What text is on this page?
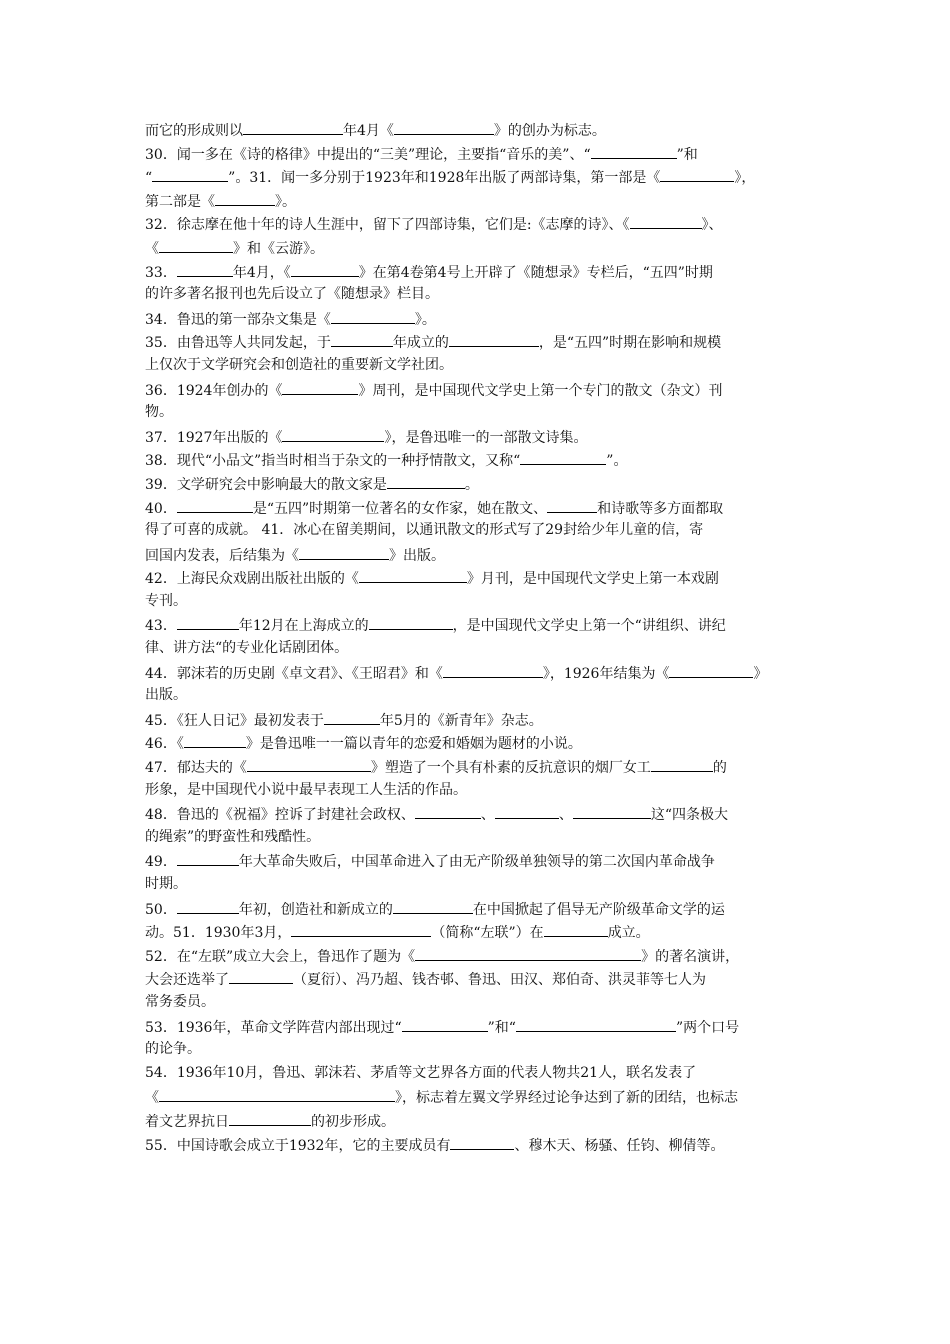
而它的形成则以	年4月《	》的创办为标志。
30．闻一多在《诗的格律》中提出的“三美”理论，主要指“音乐的美”、“	”和
“	”。31．闻一多分别于1923年和1928年出版了两部诗集，第一部是《	》，
第二部是《	》。
32．徐志摩在他十年的诗人生涯中，留下了四部诗集，它们是:《志摩的诗》、《	》、
《	》和《云游》。
33．	年4月，《	》在第4卷第4号上开辟了《随想录》专栏后，“五四”时期
的许多著名报刊也先后设立了《随想录》栏目。
34．鲁迅的第一部杂文集是《	》。
35．由鲁迅等人共同发起，于	年成立的	，是“五四”时期在影响和规模
上仅次于文学研究会和创造社的重要新文学社团。
36．1924年创办的《	》周刊，是中国现代文学史上第一个专门的散文（杂文）刊
物。
37．1927年出版的《	》，是鲁迅唯一的一部散文诗集。
38．现代“小品文”指当时相当于杂文的一种抒情散文，又称“	”。
39．文学研究会中影响最大的散文家是	。
40．	是“五四”时期第一位著名的女作家，她在散文、	和诗歌等多方面都取
得了可喜的成就。 41．冰心在留美期间，以通讯散文的形式写了29封给少年儿童的信，寄
回国内发表，后结集为《	》出版。
42．上海民众戏剧出版社出版的《	》月刊，是中国现代文学史上第一本戏剧
专刊。
43．	年12月在上海成立的	，是中国现代文学史上第一个“讲组织、讲纪
律、讲方法“的专业化话剧团体。
44．郭沫若的历史剧《卓文君》、《王昭君》和《	》，1926年结集为《	》
出版。
45．《狂人日记》最初发表于	年5月的《新青年》杂志。
46．《	》是鲁迅唯一一篇以青年的恋爱和婚姻为题材的小说。
47．郁达夫的《	》塑造了一个具有朴素的反抗意识的烟厂女工	的
形象，是中国现代小说中最早表现工人生活的作品。
48．鲁迅的《祝福》控诉了封建社会政权、	、	、	这“四条极大
的绳索”的野蛮性和残酷性。
49．	年大革命失败后，中国革命进入了由无产阶级单独领导的第二次国内革命战争
时期。
50．	年初，创造社和新成立的	在中国掀起了倡导无产阶级革命文学的运
动。51．1930年3月，	（简称“左联”）在	成立。
52．在“左联”成立大会上，鲁迅作了题为《	》的著名演讲，
大会还选举了	（夏衍）、冯乃超、钱杏邨、鲁迅、田汉、郑伯奇、洪灵菲等七人为
常务委员。
53．1936年，革命文学阵营内部出现过“	”和“	”两个口号
的论争。
54．1936年10月，鲁迅、郭沫若、茅盾等文艺界各方面的代表人物共21人，联名发表了
《	》，标志着左翼文学界经过论争达到了新的团结，也标志
着文艺界抗日	的初步形成。
55．中国诗歌会成立于1932年，它的主要成员有	、穆木天、杨骚、任钧、柳倩等。
